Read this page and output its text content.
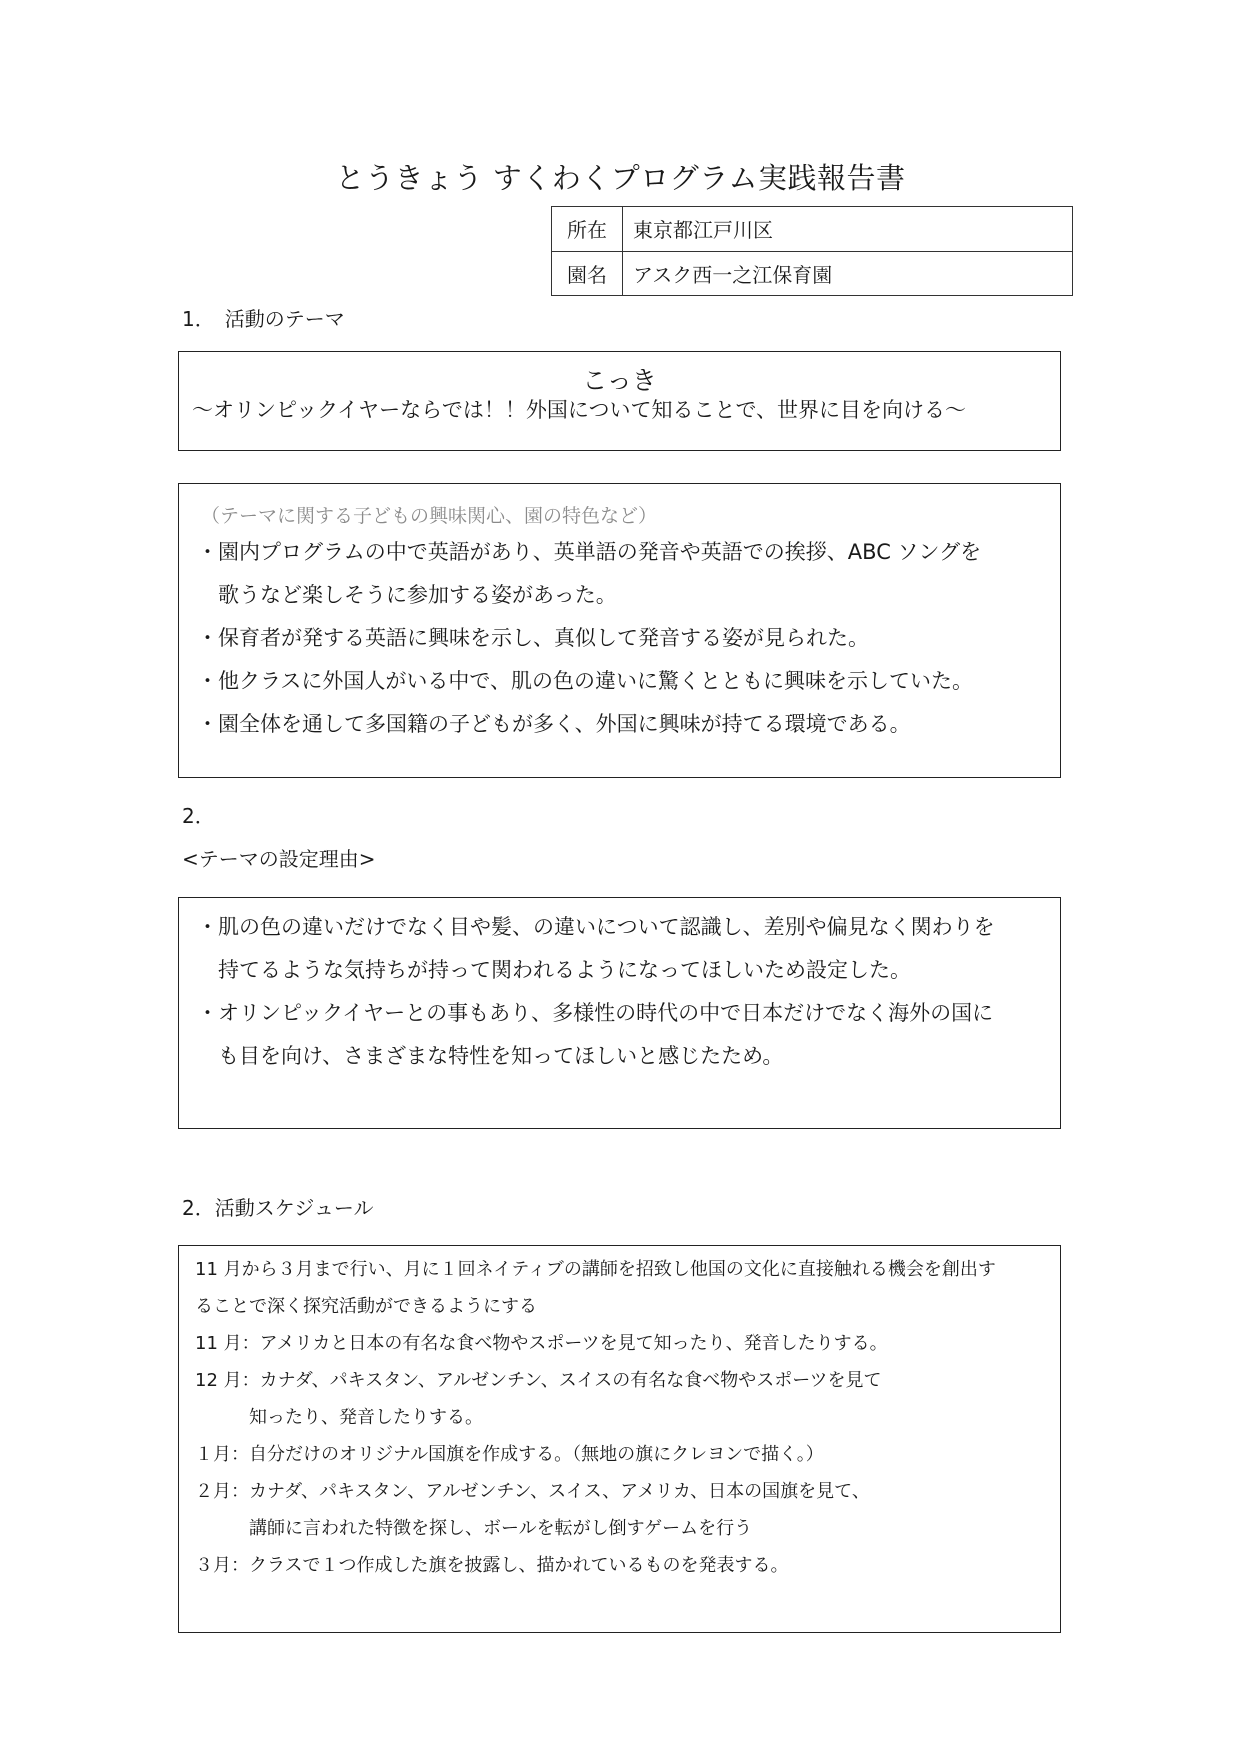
とうきょう すくわくプログラム実践報告書
所在	東京都江戸川区
園名	アスク西一之江保育園
1．　活動のテーマ
こっき
～オリンピックイヤーならでは！！外国について知ることで、世界に目を向ける～
（テーマに関する子どもの興味関心、園の特色など）
・園内プログラムの中で英語があり、英単語の発音や英語での挨拶、ABC ソングを
　歌うなど楽しそうに参加する姿があった。
・保育者が発する英語に興味を示し、真似して発音する姿が見られた。
・他クラスに外国人がいる中で、肌の色の違いに驚くとともに興味を示していた。
・園全体を通して多国籍の子どもが多く、外国に興味が持てる環境である。
2．
<テーマの設定理由>
・肌の色の違いだけでなく目や髪、の違いについて認識し、差別や偏見なく関わりを
　持てるような気持ちが持って関われるようになってほしいため設定した。
・オリンピックイヤーとの事もあり、多様性の時代の中で日本だけでなく海外の国に
　も目を向け、さまざまな特性を知ってほしいと感じたため。
2．活動スケジュール
11 月から３月まで行い、月に１回ネイティブの講師を招致し他国の文化に直接触れる機会を創出す
ることで深く探究活動ができるようにする
11 月：アメリカと日本の有名な食べ物やスポーツを見て知ったり、発音したりする。
12 月：カナダ、パキスタン、アルゼンチン、スイスの有名な食べ物やスポーツを見て
　　　知ったり、発音したりする。
１月：自分だけのオリジナル国旗を作成する。（無地の旗にクレヨンで描く。）
２月：カナダ、パキスタン、アルゼンチン、スイス、アメリカ、日本の国旗を見て、
　　　講師に言われた特徴を探し、ボールを転がし倒すゲームを行う
３月：クラスで１つ作成した旗を披露し、描かれているものを発表する。
